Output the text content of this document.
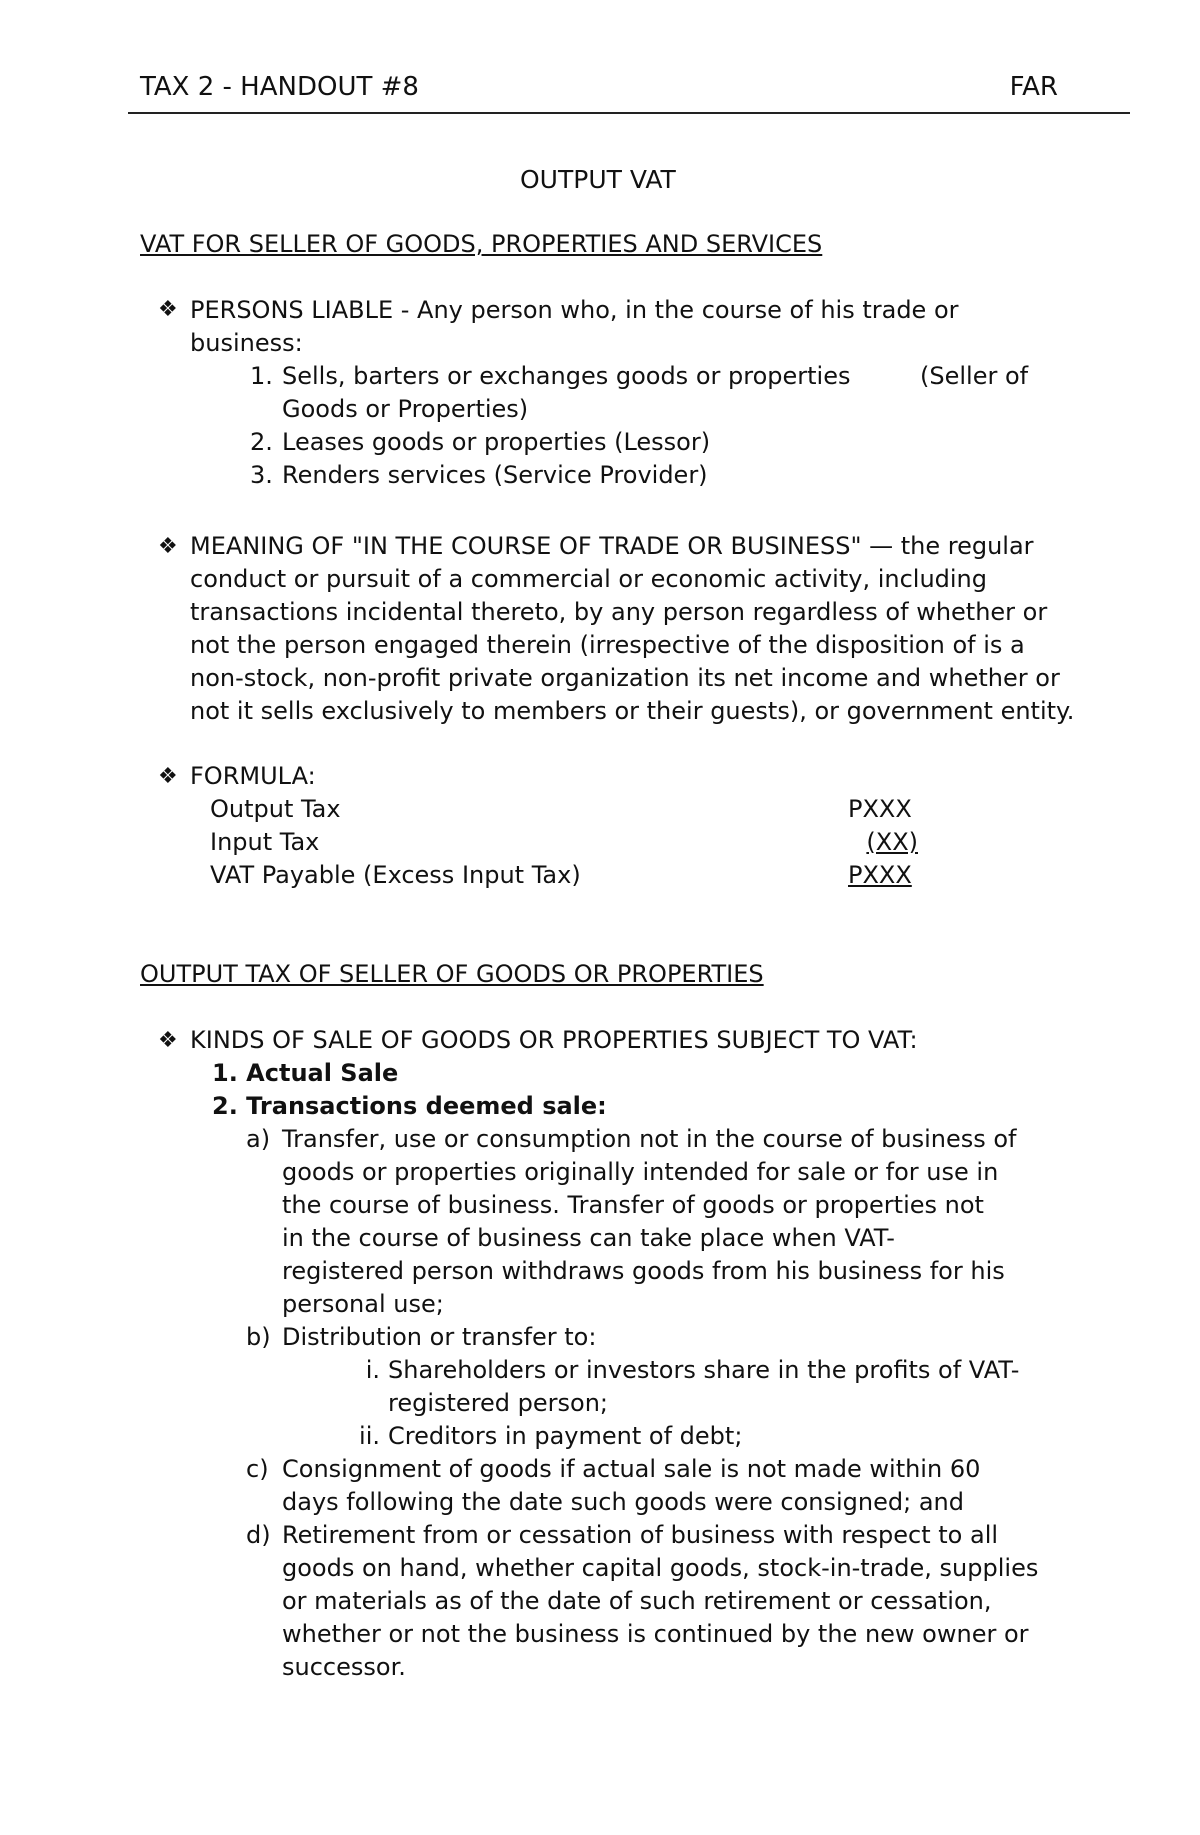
TAX 2 - HANDOUT #8	FAR
OUTPUT VAT
VAT FOR SELLER OF GOODS, PROPERTIES AND SERVICES
❖ PERSONS LIABLE - Any person who, in the course of his trade or
business:
1. Sells, barters or exchanges goods or properties	(Seller of
Goods or Properties)
2. Leases goods or properties (Lessor)
3. Renders services (Service Provider)
❖ MEANING OF "IN THE COURSE OF TRADE OR BUSINESS" — the regular
conduct or pursuit of a commercial or economic activity, including
transactions incidental thereto, by any person regardless of whether or
not the person engaged therein (irrespective of the disposition of is a
non-stock, non-profit private organization its net income and whether or
not it sells exclusively to members or their guests), or government entity.
❖ FORMULA:
Output Tax	PXXX
Input Tax	(XX)
VAT Payable (Excess Input Tax)	PXXX
OUTPUT TAX OF SELLER OF GOODS OR PROPERTIES
❖ KINDS OF SALE OF GOODS OR PROPERTIES SUBJECT TO VAT:
1. Actual Sale
2. Transactions deemed sale:
a) Transfer, use or consumption not in the course of business of
goods or properties originally intended for sale or for use in
the course of business. Transfer of goods or properties not
in the course of business can take place when VAT-
registered person withdraws goods from his business for his
personal use;
b) Distribution or transfer to:
i. Shareholders or investors share in the profits of VAT-
registered person;
ii. Creditors in payment of debt;
c) Consignment of goods if actual sale is not made within 60
days following the date such goods were consigned; and
d) Retirement from or cessation of business with respect to all
goods on hand, whether capital goods, stock-in-trade, supplies
or materials as of the date of such retirement or cessation,
whether or not the business is continued by the new owner or
successor.
